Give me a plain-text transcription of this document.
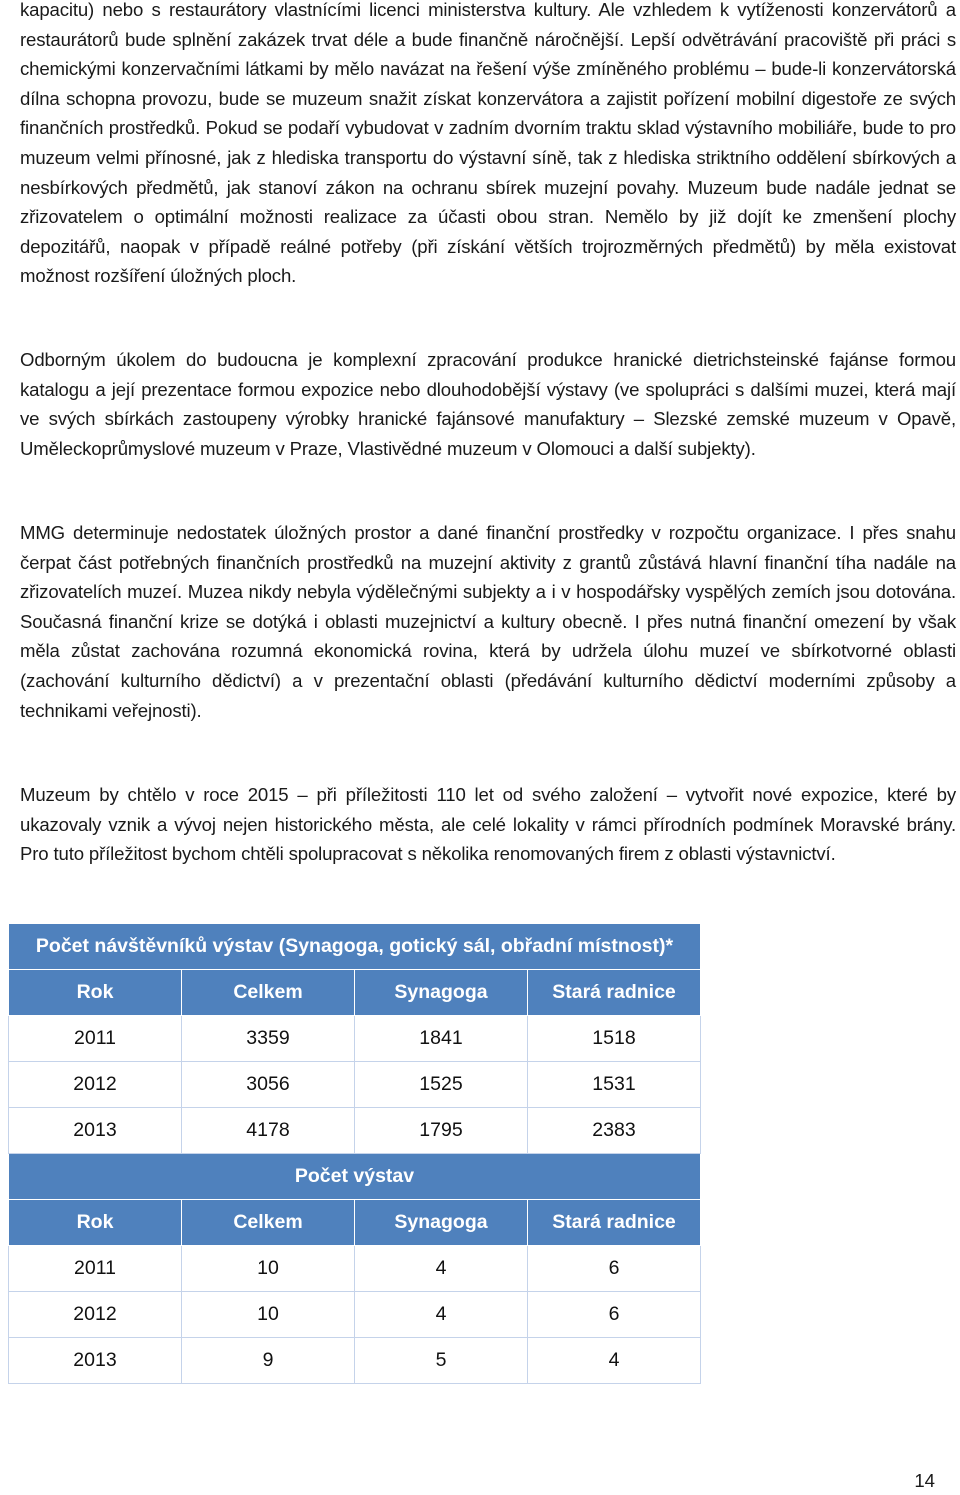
kapacitu) nebo s restaurátory vlastnícími licenci ministerstva kultury. Ale vzhledem k vytíženosti konzervátorů a restaurátorů bude splnění zakázek trvat déle a bude finančně náročnější. Lepší odvětrávání pracoviště při práci s chemickými konzervačními látkami by mělo navázat na řešení výše zmíněného problému – bude-li konzervátorská dílna schopna provozu, bude se muzeum snažit získat konzervátora a zajistit pořízení mobilní digestoře ze svých finančních prostředků. Pokud se podaří vybudovat v zadním dvorním traktu sklad výstavního mobiliáře, bude to pro muzeum velmi přínosné, jak z hlediska transportu do výstavní síně, tak z hlediska striktního oddělení sbírkových a nesbírkových předmětů, jak stanoví zákon na ochranu sbírek muzejní povahy. Muzeum bude nadále jednat se zřizovatelem o optimální možnosti realizace za účasti obou stran. Nemělo by již dojít ke zmenšení plochy depozitářů, naopak v případě reálné potřeby (při získání větších trojrozměrných předmětů) by měla existovat možnost rozšíření úložných ploch.

Odborným úkolem do budoucna je komplexní zpracování produkce hranické dietrichsteinské fajánse formou katalogu a její prezentace formou expozice nebo dlouhodobější výstavy (ve spolupráci s dalšími muzei, která mají ve svých sbírkách zastoupeny výrobky hranické fajánsové manufaktury – Slezské zemské muzeum v Opavě, Uměleckoprůmyslové muzeum v Praze, Vlastivědné muzeum v Olomouci a další subjekty).

MMG determinuje nedostatek úložných prostor a dané finanční prostředky v rozpočtu organizace. I přes snahu čerpat část potřebných finančních prostředků na muzejní aktivity z grantů zůstává hlavní finanční tíha nadále na zřizovatelích muzeí. Muzea nikdy nebyla výdělečnými subjekty a i v hospodářsky vyspělých zemích jsou dotována. Současná finanční krize se dotýká i oblasti muzejnictví a kultury obecně. I přes nutná finanční omezení by však měla zůstat zachována rozumná ekonomická rovina, která by udržela úlohu muzeí ve sbírkotvorné oblasti (zachování kulturního dědictví) a v prezentační oblasti (předávání kulturního dědictví moderními způsoby a technikami veřejnosti).

Muzeum by chtělo v roce 2015 – při příležitosti 110 let od svého založení – vytvořit nové expozice, které by ukazovaly vznik a vývoj nejen historického města, ale celé lokality v rámci přírodních podmínek Moravské brány. Pro tuto příležitost bychom chtěli spolupracovat s několika renomovaných firem z oblasti výstavnictví.

Počet návštěvníků výstav (Synagoga, gotický sál, obřadní místnost)*			
Rok	Celkem	Synagoga	Stará radnice
2011	3359	1841	1518
2012	3056	1525	1531
2013	4178	1795	2383
Počet výstav			
Rok	Celkem	Synagoga	Stará radnice
2011	10	4	6
2012	10	4	6
2013	9	5	4
14
